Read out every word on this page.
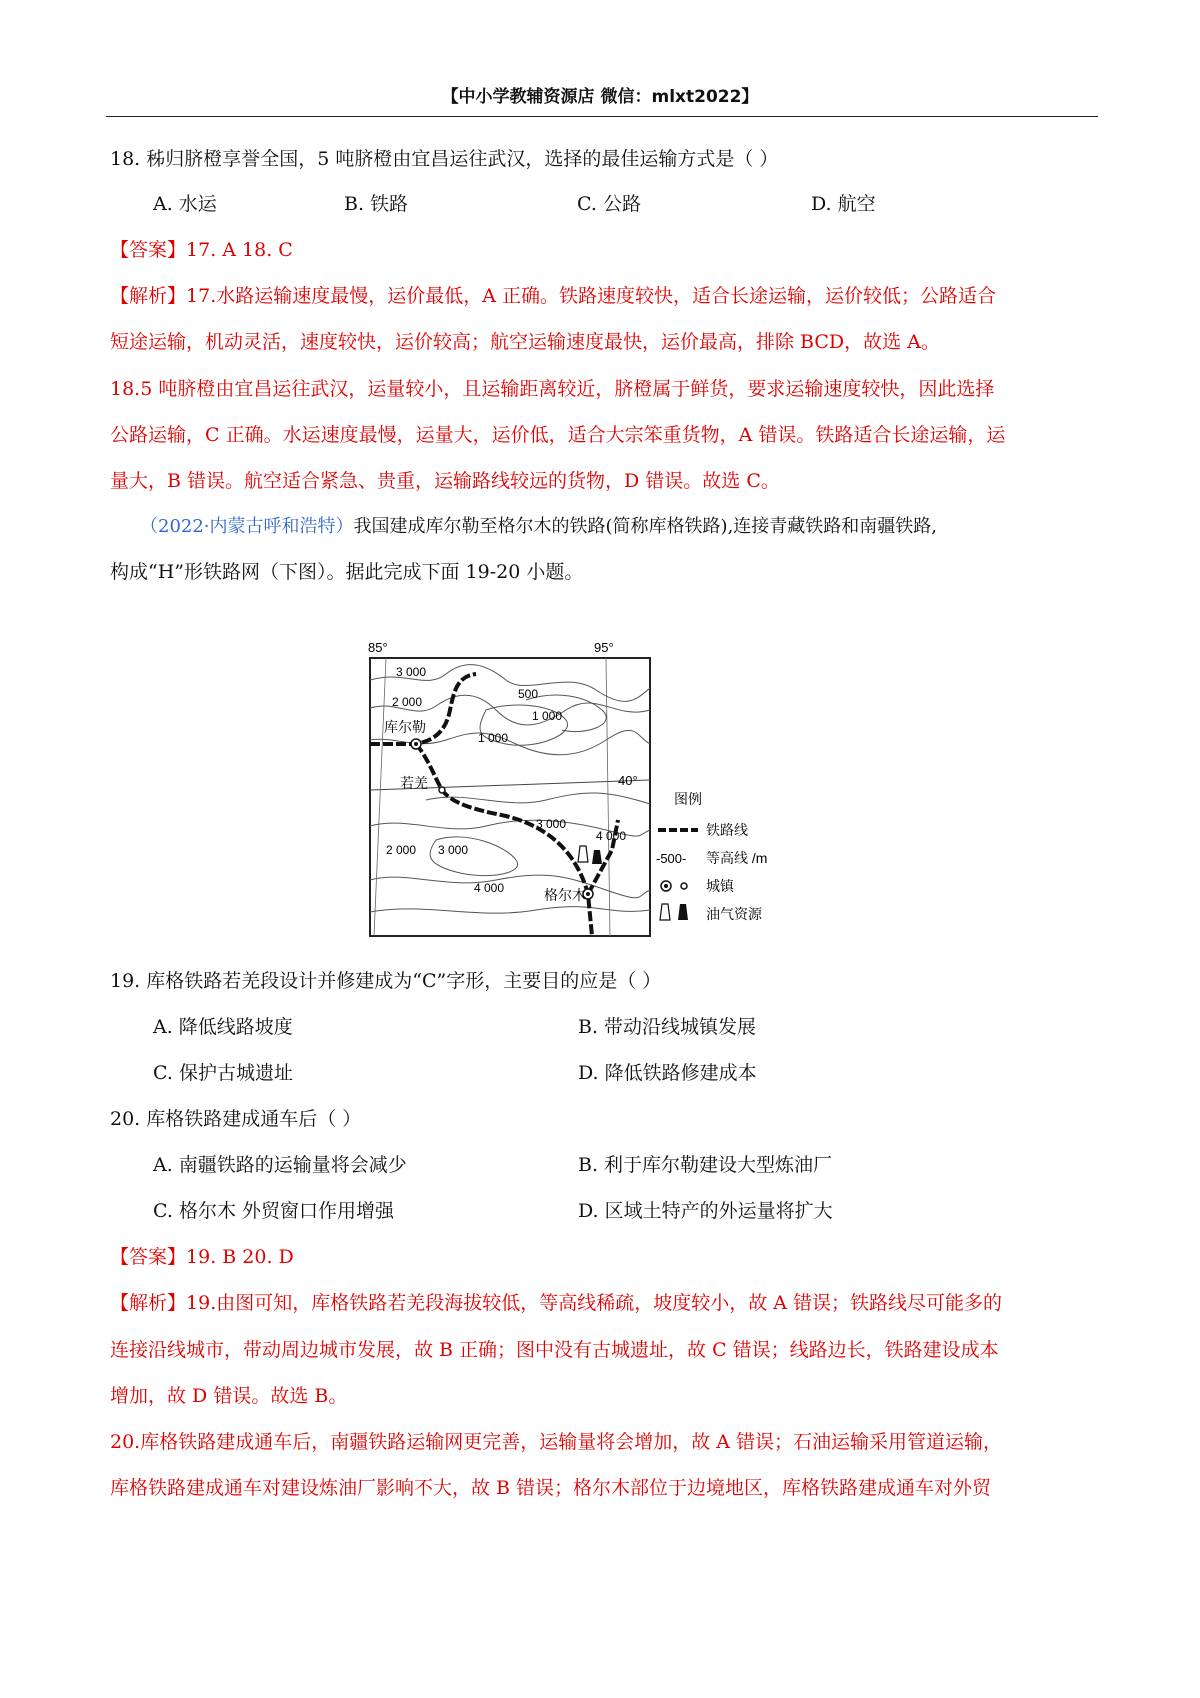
【中小学教辅资源店 微信：mlxt2022】
18. 秭归脐橙享誉全国，5 吨脐橙由宜昌运往武汉，选择的最佳运输方式是（ ）
A. 水运	B. 铁路	C. 公路	D. 航空
【答案】17. A 18. C
【解析】17.水路运输速度最慢，运价最低，A 正确。铁路速度较快，适合长途运输，运价较低；公路适合
短途运输，机动灵活，速度较快，运价较高；航空运输速度最快，运价最高，排除 BCD，故选 A。
18.5 吨脐橙由宜昌运往武汉，运量较小，且运输距离较近，脐橙属于鲜货，要求运输速度较快，因此选择
公路运输，C 正确。水运速度最慢，运量大，运价低，适合大宗笨重货物，A 错误。铁路适合长途运输，运
量大，B 错误。航空适合紧急、贵重，运输路线较远的货物，D 错误。故选 C。
（2022·内蒙古呼和浩特）我国建成库尔勒至格尔木的铁路(简称库格铁路),连接青藏铁路和南疆铁路,
构成“H”形铁路网（下图）。据此完成下面 19-20 小题。
85°	95°
40°
3 000
2 000
500
1 000
1 000
3 000
4 000
2 000 3 000
4 000
库尔勒
若羌
格尔木
图例
铁路线
-500- 等高线 /m
城镇
油气资源
19. 库格铁路若羌段设计并修建成为“C”字形，主要目的应是（ ）
A. 降低线路坡度	B. 带动沿线城镇发展
C. 保护古城遗址	D. 降低铁路修建成本
20. 库格铁路建成通车后（ ）
A. 南疆铁路的运输量将会减少	B. 利于库尔勒建设大型炼油厂
C. 格尔木 外贸窗口作用增强	D. 区域土特产的外运量将扩大
【答案】19. B 20. D
【解析】19.由图可知，库格铁路若羌段海拔较低，等高线稀疏，坡度较小，故 A 错误；铁路线尽可能多的
连接沿线城市，带动周边城市发展，故 B 正确；图中没有古城遗址，故 C 错误；线路边长，铁路建设成本
增加，故 D 错误。故选 B。
20.库格铁路建成通车后，南疆铁路运输网更完善，运输量将会增加，故 A 错误；石油运输采用管道运输，
库格铁路建成通车对建设炼油厂影响不大，故 B 错误；格尔木部位于边境地区，库格铁路建成通车对外贸
